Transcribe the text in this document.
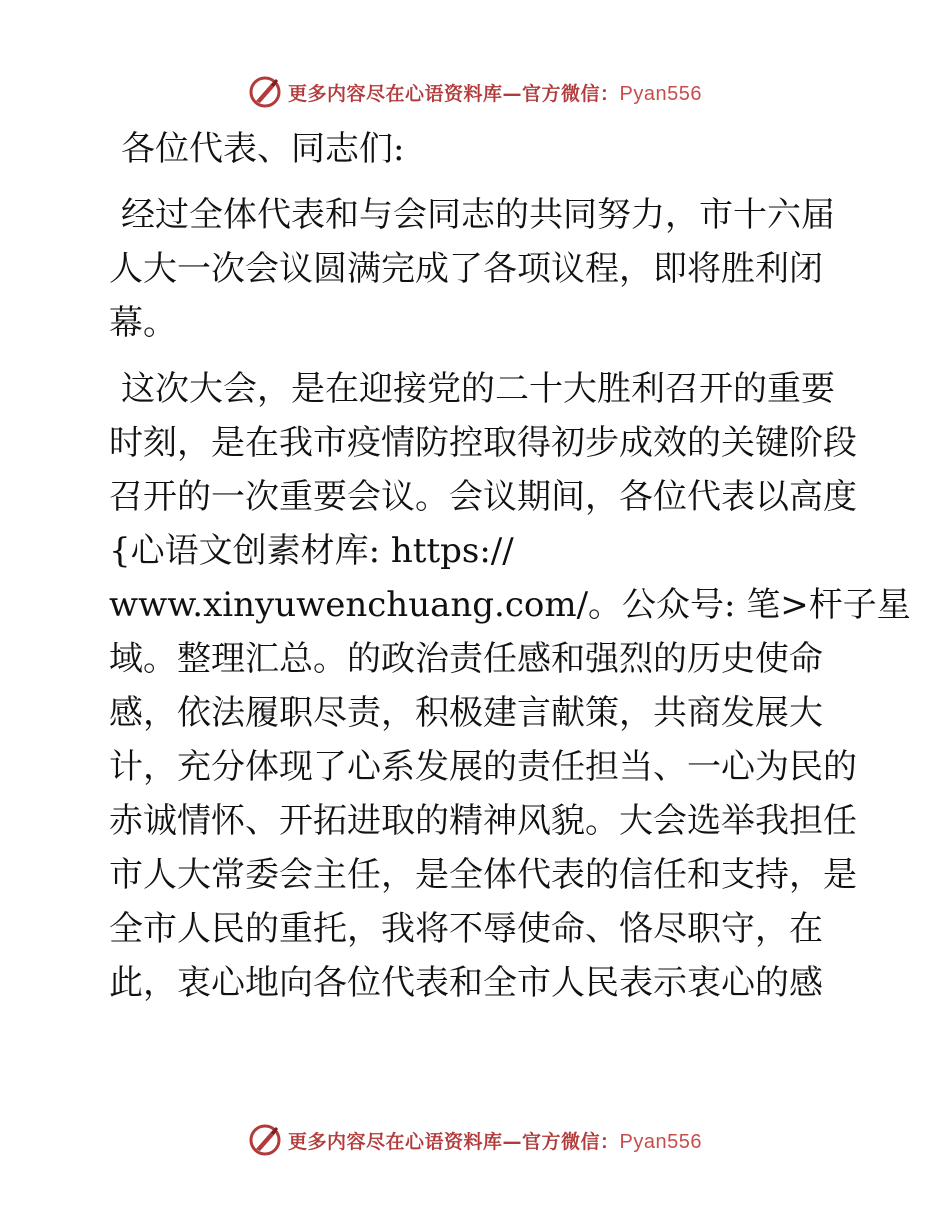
更多内容尽在心语资料库—官方微信：Pyan556

各位代表、同志们:

经过全体代表和与会同志的共同努力，市十六届
人大一次会议圆满完成了各项议程，即将胜利闭
幕。

这次大会，是在迎接党的二十大胜利召开的重要
时刻，是在我市疫情防控取得初步成效的关键阶段
召开的一次重要会议。会议期间，各位代表以高度
{心语文创素材库: https://
www.xinyuwenchuang.com/。公众号: 笔>杆子星
域。整理汇总。的政治责任感和强烈的历史使命
感，依法履职尽责，积极建言献策，共商发展大
计，充分体现了心系发展的责任担当、一心为民的
赤诚情怀、开拓进取的精神风貌。大会选举我担任
市人大常委会主任，是全体代表的信任和支持，是
全市人民的重托，我将不辱使命、恪尽职守，在
此，衷心地向各位代表和全市人民表示衷心的感

更多内容尽在心语资料库—官方微信：Pyan556
